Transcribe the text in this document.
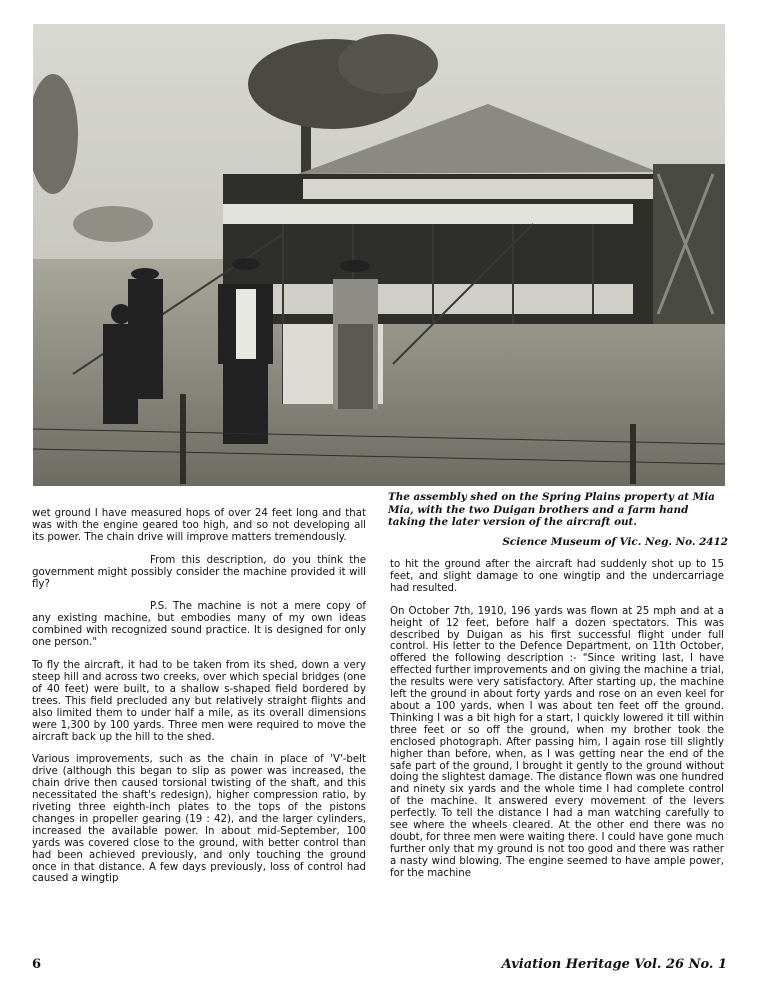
The assembly shed on the Spring Plains property at Mia Mia, with the two Duigan brothers and a farm hand taking the later version of the aircraft out.
Science Museum of Vic. Neg. No. 2412

wet ground I have measured hops of over 24 feet long and that was with the engine geared too high, and so not developing all its power. The chain drive will improve matters tremendously.

From this description, do you think the government might possibly consider the machine provided it will fly?

P.S. The machine is not a mere copy of any existing machine, but embodies many of my own ideas combined with recognized sound practice. It is designed for only one person."

To fly the aircraft, it had to be taken from its shed, down a very steep hill and across two creeks, over which special bridges (one of 40 feet) were built, to a shallow s-shaped field bordered by trees. This field precluded any but relatively straight flights and also limited them to under half a mile, as its overall dimensions were 1,300 by 100 yards. Three men were required to move the aircraft back up the hill to the shed.

Various improvements, such as the chain in place of 'V'-belt drive (although this began to slip as power was increased, the chain drive then caused torsional twisting of the shaft, and this necessitated the shaft's redesign), higher compression ratio, by riveting three eighth-inch plates to the tops of the pistons changes in propeller gearing (19 : 42), and the larger cylinders, increased the available power. In about mid-September, 100 yards was covered close to the ground, with better control than had been achieved previously, and only touching the ground once in that distance. A few days previously, loss of control had caused a wingtip

to hit the ground after the aircraft had suddenly shot up to 15 feet, and slight damage to one wingtip and the undercarriage had resulted.

On October 7th, 1910, 196 yards was flown at 25 mph and at a height of 12 feet, before half a dozen spectators. This was described by Duigan as his first successful flight under full control. His letter to the Defence Department, on 11th October, offered the following description :- "Since writing last, I have effected further improvements and on giving the machine a trial, the results were very satisfactory. After starting up, the machine left the ground in about forty yards and rose on an even keel for about a 100 yards, when I was about ten feet off the ground. Thinking I was a bit high for a start, I quickly lowered it till within three feet or so off the ground, when my brother took the enclosed photograph. After passing him, I again rose till slightly higher than before, when, as I was getting near the end of the safe part of the ground, I brought it gently to the ground without doing the slightest damage. The distance flown was one hundred and ninety six yards and the whole time I had complete control of the machine. It answered every movement of the levers perfectly. To tell the distance I had a man watching carefully to see where the wheels cleared. At the other end there was no doubt, for three men were waiting there. I could have gone much further only that my ground is not too good and there was rather a nasty wind blowing. The engine seemed to have ample power, for the machine

6	Aviation Heritage Vol. 26 No. 1
